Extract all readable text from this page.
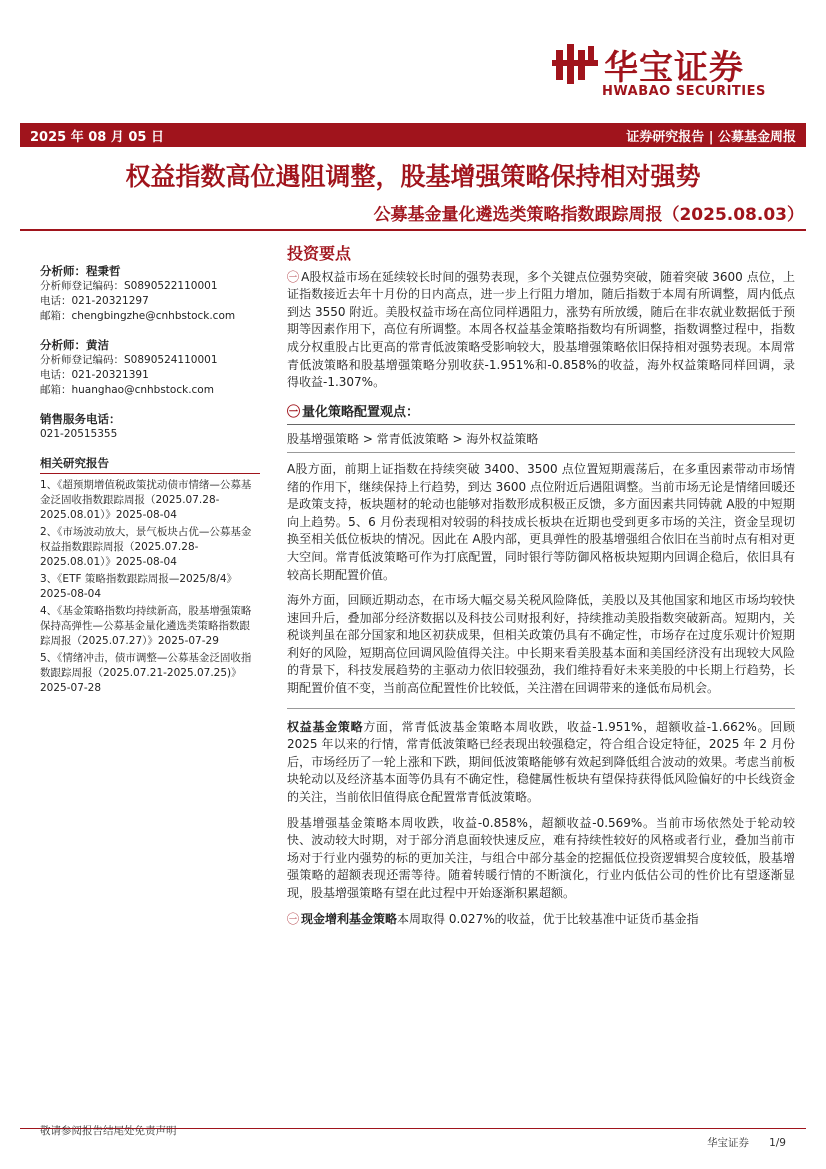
华宝证券
HWABAO SECURITIES
2025 年 08 月 05 日	证券研究报告 | 公募基金周报
权益指数高位遇阻调整，股基增强策略保持相对强势
公募基金量化遴选类策略指数跟踪周报（2025.08.03）
分析师：程秉哲
分析师登记编码：S0890522110001
电话：021-20321297
邮箱：chengbingzhe@cnhbstock.com
分析师：黄洁
分析师登记编码：S0890524110001
电话：021-20321391
邮箱：huanghao@cnhbstock.com
销售服务电话：
021-20515355
相关研究报告
1、《超预期增值税政策扰动债市情绪—公募基金泛固收指数跟踪周报（2025.07.28-2025.08.01）》2025-08-04
2、《市场波动放大，景气板块占优—公募基金权益指数跟踪周报（2025.07.28-2025.08.01）》2025-08-04
3、《ETF 策略指数跟踪周报—2025/8/4》2025-08-04
4、《基金策略指数均持续新高，股基增强策略保持高弹性—公募基金量化遴选类策略指数跟踪周报（2025.07.27）》2025-07-29
5、《情绪冲击，债市调整—公募基金泛固收指数跟踪周报（2025.07.21-2025.07.25)》2025-07-28
投资要点

㊀ A股权益市场在延续较长时间的强势表现，多个关键点位强势突破，随着突破 3600 点位，上证指数接近去年十月份的日内高点，进一步上行阻力增加，随后指数于本周有所调整，周内低点到达 3550 附近。美股权益市场在高位同样遇阻力，涨势有所放缓，随后在非农就业数据低于预期等因素作用下，高位有所调整。本周各权益基金策略指数均有所调整，指数调整过程中，指数成分权重股占比更高的常青低波策略受影响较大，股基增强策略依旧保持相对强势表现。本周常青低波策略和股基增强策略分别收获-1.951%和-0.858%的收益，海外权益策略同样回调，录得收益-1.307%。

㊀ 量化策略配置观点：
股基增强策略 > 常青低波策略 > 海外权益策略

A股方面，前期上证指数在持续突破 3400、3500 点位置短期震荡后，在多重因素带动市场情绪的作用下，继续保持上行趋势，到达 3600 点位附近后遇阻调整。当前市场无论是情绪回暖还是政策支持，板块题材的轮动也能够对指数形成积极正反馈，多方面因素共同铸就 A股的中短期向上趋势。5、6 月份表现相对较弱的科技成长板块在近期也受到更多市场的关注，资金呈现切换至相关低位板块的情况。因此在 A股内部，更具弹性的股基增强组合依旧在当前时点有相对更大空间。常青低波策略可作为打底配置，同时银行等防御风格板块短期内回调企稳后，依旧具有较高长期配置价值。

海外方面，回顾近期动态，在市场大幅交易关税风险降低，美股以及其他国家和地区市场均较快速回升后，叠加部分经济数据以及科技公司财报利好，持续推动美股指数突破新高。短期内，关税谈判虽在部分国家和地区初获成果，但相关政策仍具有不确定性，市场存在过度乐观计价短期利好的风险，短期高位回调风险值得关注。中长期来看美股基本面和美国经济没有出现较大风险的背景下，科技发展趋势的主驱动力依旧较强劲，我们维持看好未来美股的中长期上行趋势，长期配置价值不变，当前高位配置性价比较低，关注潜在回调带来的逢低布局机会。

权益基金策略方面，常青低波基金策略本周收跌，收益-1.951%，超额收益-1.662%。回顾 2025 年以来的行情，常青低波策略已经表现出较强稳定，符合组合设定特征，2025 年 2 月份后，市场经历了一轮上涨和下跌，期间低波策略能够有效起到降低组合波动的效果。考虑当前板块轮动以及经济基本面等仍具有不确定性，稳健属性板块有望保持获得低风险偏好的中长线资金的关注，当前依旧值得底仓配置常青低波策略。

股基增强基金策略本周收跌，收益-0.858%，超额收益-0.569%。当前市场依然处于轮动较快、波动较大时期，对于部分消息面较快速反应，难有持续性较好的风格或者行业，叠加当前市场对于行业内强势的标的更加关注，与组合中部分基金的挖掘低位投资逻辑契合度较低，股基增强策略的超额表现还需等待。随着转暖行情的不断演化，行业内低估公司的性价比有望逐渐显现，股基增强策略有望在此过程中开始逐渐积累超额。

㊀ 现金增利基金策略本周取得 0.027%的收益，优于比较基准中证货币基金指

敬请参阅报告结尾处免责声明
华宝证券 1/9
